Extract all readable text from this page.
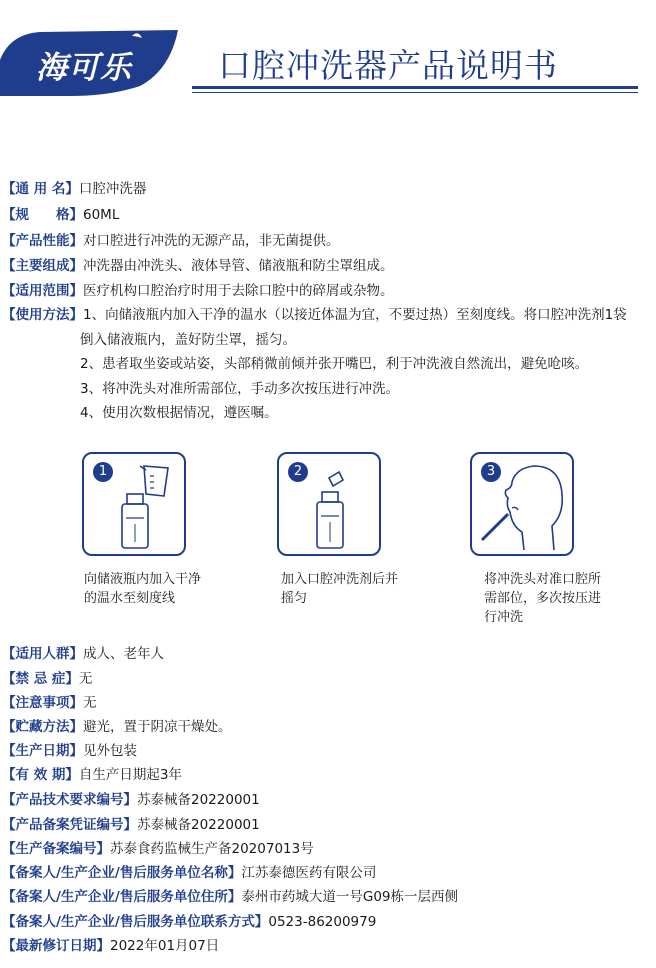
海可乐	口腔冲洗器产品说明书
【通 用 名】口腔冲洗器
【规　　格】60ML
【产品性能】对口腔进行冲洗的无源产品，非无菌提供。
【主要组成】冲洗器由冲洗头、液体导管、储液瓶和防尘罩组成。
【适用范围】医疗机构口腔治疗时用于去除口腔中的碎屑或杂物。
【使用方法】1、向储液瓶内加入干净的温水（以接近体温为宜，不要过热）至刻度线。将口腔冲洗剂1袋
倒入储液瓶内，盖好防尘罩，摇匀。
2、患者取坐姿或站姿，头部稍微前倾并张开嘴巴，利于冲洗液自然流出，避免呛咳。
3、将冲洗头对准所需部位，手动多次按压进行冲洗。
4、使用次数根据情况，遵医嘱。
1	2	3
向储液瓶内加入干净
的温水至刻度线
加入口腔冲洗剂后并
摇匀
将冲洗头对准口腔所
需部位，多次按压进
行冲洗
【适用人群】成人、老年人
【禁 忌 症】无
【注意事项】无
【贮藏方法】避光，置于阴凉干燥处。
【生产日期】见外包装
【有 效 期】自生产日期起3年
【产品技术要求编号】苏泰械备20220001
【产品备案凭证编号】苏泰械备20220001
【生产备案编号】苏泰食药监械生产备20207013号
【备案人/生产企业/售后服务单位名称】江苏泰德医药有限公司
【备案人/生产企业/售后服务单位住所】泰州市药城大道一号G09栋一层西侧
【备案人/生产企业/售后服务单位联系方式】0523-86200979
【最新修订日期】2022年01月07日
